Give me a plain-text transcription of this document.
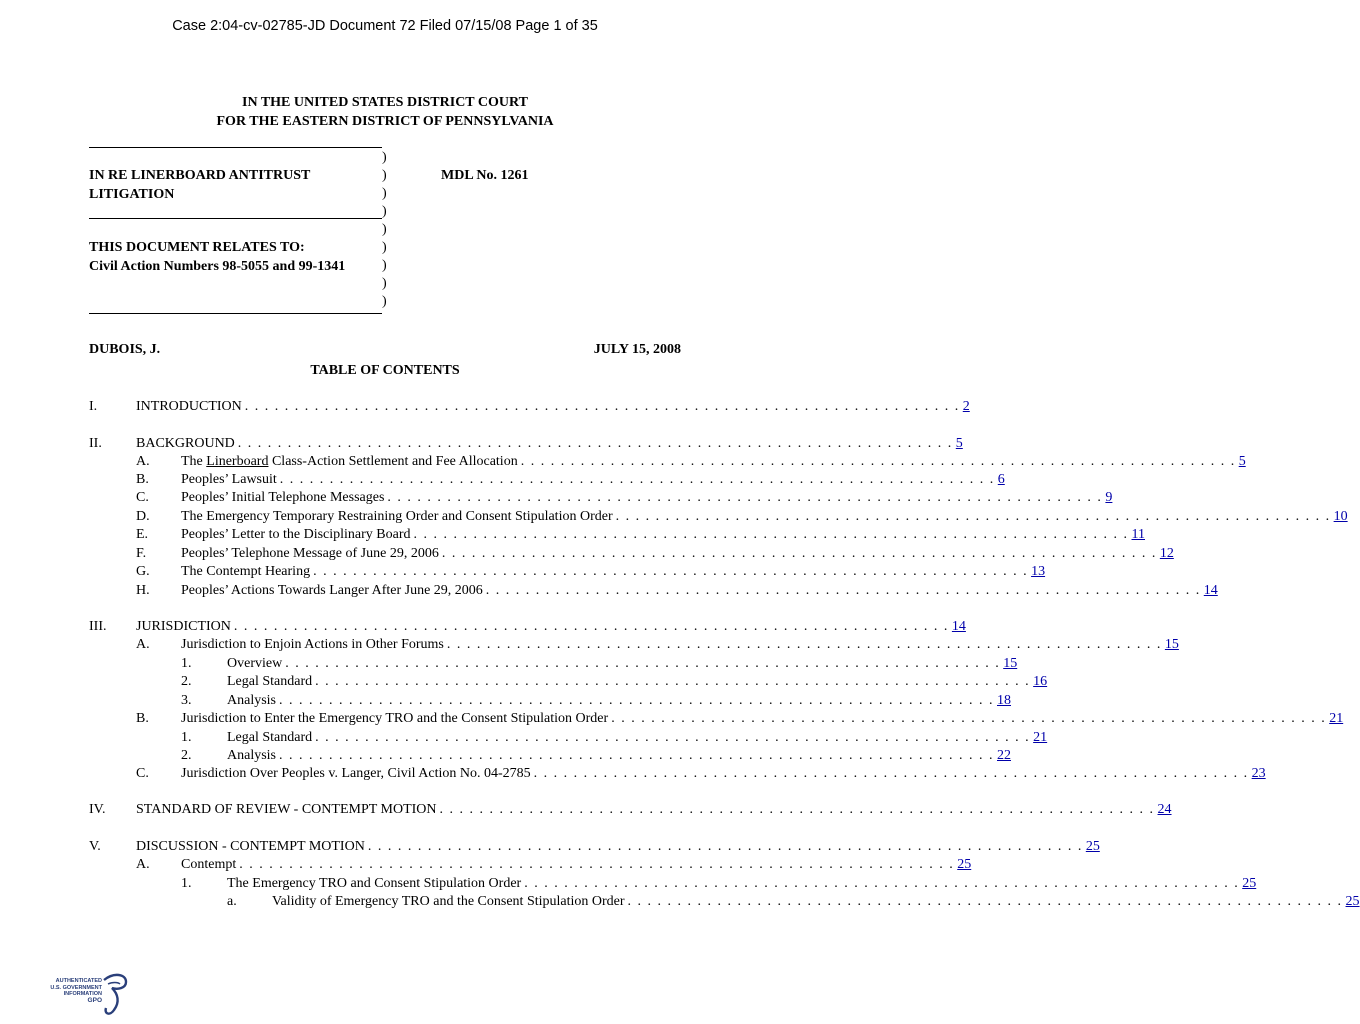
Case 2:04-cv-02785-JD Document 72 Filed 07/15/08 Page 1 of 35
IN THE UNITED STATES DISTRICT COURT
FOR THE EASTERN DISTRICT OF PENNSYLVANIA
IN RE LINERBOARD ANTITRUST
LITIGATION
MDL No. 1261
THIS DOCUMENT RELATES TO:
Civil Action Numbers 98-5055 and 99-1341
)
)
)
)
)
)
)
)
)
DUBOIS, J.	JULY 15, 2008
TABLE OF CONTENTS
I.	INTRODUCTION . . . . . . . . . . . . . . . . . . . . . . . . . . . . . . . . . . . . . . . . . . . . . . . . . . . . . . . . . . . . . . . . . . . . . . . . 2
II. BACKGROUND . . . . . . . . . . . . . . . . . . . . . . . . . . . . . . . . . . . . . . . . . . . . . . . . . . . . . . . . . . . . . . . . . . . . . . . . 5
A. The Linerboard Class-Action Settlement and Fee Allocation . . . . . . . . . . . . . . . . . . . . . . . . . . . . . . . . . . . . . . . . . . . . . . . . . . . . . . . . . . . . . . . . . . . . . . . . 5
B. Peoples’ Lawsuit . . . . . . . . . . . . . . . . . . . . . . . . . . . . . . . . . . . . . . . . . . . . . . . . . . . . . . . . . . . . . . . . . . . . . . . . 6
C. Peoples’ Initial Telephone Messages . . . . . . . . . . . . . . . . . . . . . . . . . . . . . . . . . . . . . . . . . . . . . . . . . . . . . . . . . . . . . . . . . . . . . . . . 9
D. The Emergency Temporary Restraining Order and Consent Stipulation Order . . . . . . . . . . . . . . . . . . . . . . . . . . . . . . . . . . . . . . . . . . . . . . . . . . . . . . . . . . . . . . . . . . . . . . . . 10
E. Peoples’ Letter to the Disciplinary Board . . . . . . . . . . . . . . . . . . . . . . . . . . . . . . . . . . . . . . . . . . . . . . . . . . . . . . . . . . . . . . . . . . . . . . . . 11
F. Peoples’ Telephone Message of June 29, 2006 . . . . . . . . . . . . . . . . . . . . . . . . . . . . . . . . . . . . . . . . . . . . . . . . . . . . . . . . . . . . . . . . . . . . . . . . 12
G. The Contempt Hearing . . . . . . . . . . . . . . . . . . . . . . . . . . . . . . . . . . . . . . . . . . . . . . . . . . . . . . . . . . . . . . . . . . . . . . . . 13
H. Peoples’ Actions Towards Langer After June 29, 2006 . . . . . . . . . . . . . . . . . . . . . . . . . . . . . . . . . . . . . . . . . . . . . . . . . . . . . . . . . . . . . . . . . . . . . . . . 14
III. JURISDICTION . . . . . . . . . . . . . . . . . . . . . . . . . . . . . . . . . . . . . . . . . . . . . . . . . . . . . . . . . . . . . . . . . . . . . . . . 14
A. Jurisdiction to Enjoin Actions in Other Forums . . . . . . . . . . . . . . . . . . . . . . . . . . . . . . . . . . . . . . . . . . . . . . . . . . . . . . . . . . . . . . . . . . . . . . . . 15
1.	Overview . . . . . . . . . . . . . . . . . . . . . . . . . . . . . . . . . . . . . . . . . . . . . . . . . . . . . . . . . . . . . . . . . . . . . . . . 15
2.	Legal Standard . . . . . . . . . . . . . . . . . . . . . . . . . . . . . . . . . . . . . . . . . . . . . . . . . . . . . . . . . . . . . . . . . . . . . . . . 16
3.	Analysis . . . . . . . . . . . . . . . . . . . . . . . . . . . . . . . . . . . . . . . . . . . . . . . . . . . . . . . . . . . . . . . . . . . . . . . . 18
B. Jurisdiction to Enter the Emergency TRO and the Consent Stipulation Order . . . . . . . . . . . . . . . . . . . . . . . . . . . . . . . . . . . . . . . . . . . . . . . . . . . . . . . . . . . . . . . . . . . . . . . . 21
1.	Legal Standard . . . . . . . . . . . . . . . . . . . . . . . . . . . . . . . . . . . . . . . . . . . . . . . . . . . . . . . . . . . . . . . . . . . . . . . . 21
2.	Analysis . . . . . . . . . . . . . . . . . . . . . . . . . . . . . . . . . . . . . . . . . . . . . . . . . . . . . . . . . . . . . . . . . . . . . . . . 22
C. Jurisdiction Over Peoples v. Langer, Civil Action No. 04-2785 . . . . . . . . . . . . . . . . . . . . . . . . . . . . . . . . . . . . . . . . . . . . . . . . . . . . . . . . . . . . . . . . . . . . . . . . 23
IV. STANDARD OF REVIEW - CONTEMPT MOTION . . . . . . . . . . . . . . . . . . . . . . . . . . . . . . . . . . . . . . . . . . . . . . . . . . . . . . . . . . . . . . . . . . . . . . . . 24
V.	DISCUSSION - CONTEMPT MOTION . . . . . . . . . . . . . . . . . . . . . . . . . . . . . . . . . . . . . . . . . . . . . . . . . . . . . . . . . . . . . . . . . . . . . . . . 25
A. Contempt . . . . . . . . . . . . . . . . . . . . . . . . . . . . . . . . . . . . . . . . . . . . . . . . . . . . . . . . . . . . . . . . . . . . . . . . 25
1.	The Emergency TRO and Consent Stipulation Order . . . . . . . . . . . . . . . . . . . . . . . . . . . . . . . . . . . . . . . . . . . . . . . . . . . . . . . . . . . . . . . . . . . . . . . . 25
a.	Validity of Emergency TRO and the Consent Stipulation Order . . . . . . . . . . . . . . . . . . . . . . . . . . . . . . . . . . . . . . . . . . . . . . . . . . . . . . . . . . . . . . . . . . . . . . . . 25
AUTHENTICATED
U.S. GOVERNMENT
INFORMATION
GPO
